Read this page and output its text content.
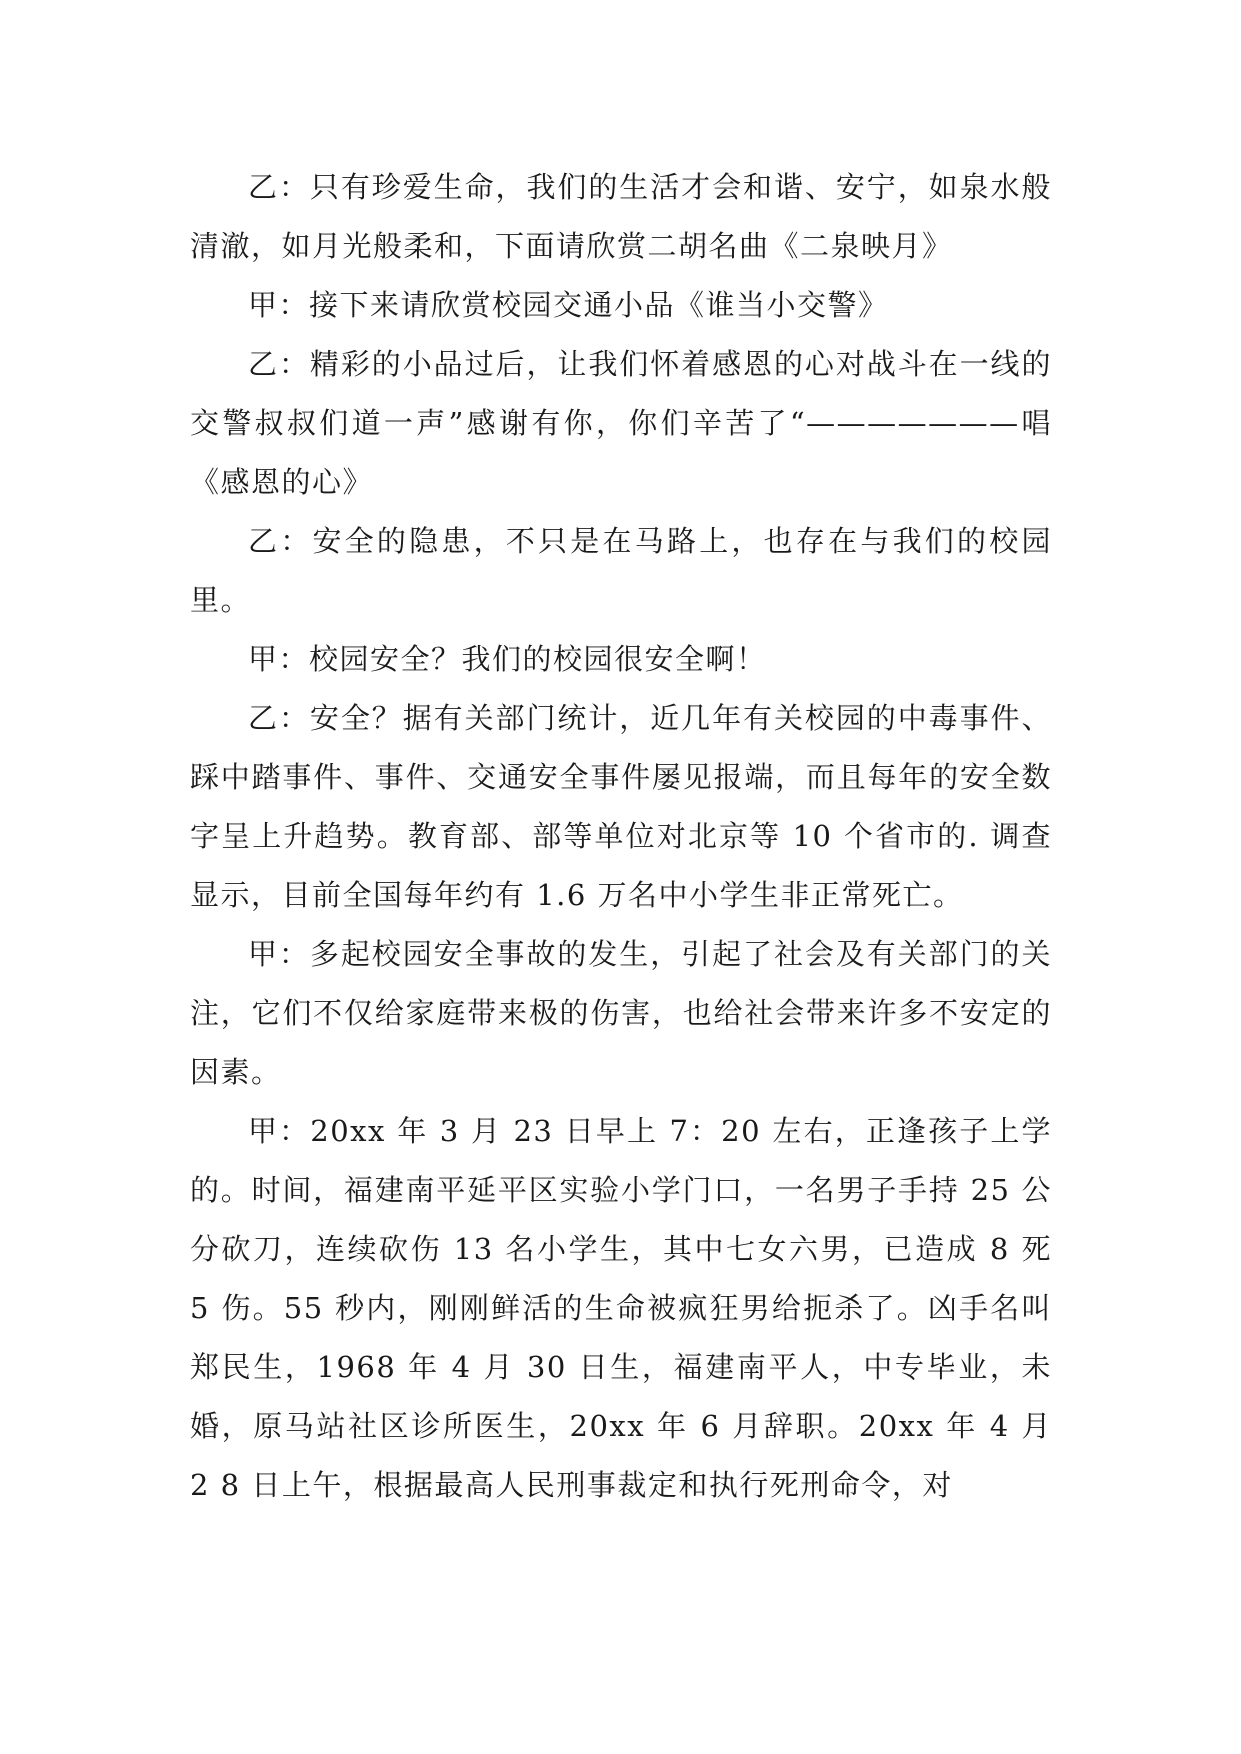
乙：只有珍爱生命，我们的生活才会和谐、安宁，如泉水般清澈，如月光般柔和，下面请欣赏二胡名曲《二泉映月》

甲：接下来请欣赏校园交通小品《谁当小交警》

乙：精彩的小品过后，让我们怀着感恩的心对战斗在一线的交警叔叔们道一声”感谢有你，你们辛苦了“———————唱《感恩的心》

乙：安全的隐患，不只是在马路上，也存在与我们的校园里。

甲：校园安全？我们的校园很安全啊！

乙：安全？据有关部门统计，近几年有关校园的中毒事件、踩中踏事件、事件、交通安全事件屡见报端，而且每年的安全数字呈上升趋势。教育部、部等单位对北京等 10 个省市的. 调查显示，目前全国每年约有 1.6 万名中小学生非正常死亡。

甲：多起校园安全事故的发生，引起了社会及有关部门的关注，它们不仅给家庭带来极的伤害，也给社会带来许多不安定的因素。

甲：20xx 年 3 月 23 日早上 7：20 左右，正逢孩子上学的。时间，福建南平延平区实验小学门口，一名男子手持 25 公分砍刀，连续砍伤 13 名小学生，其中七女六男，已造成 8 死 5 伤。55 秒内，刚刚鲜活的生命被疯狂男给扼杀了。凶手名叫郑民生，1968 年 4 月 30 日生，福建南平人，中专毕业，未婚，原马站社区诊所医生，20xx 年 6 月辞职。20xx 年 4 月 2 8 日上午，根据最高人民刑事裁定和执行死刑命令，对
